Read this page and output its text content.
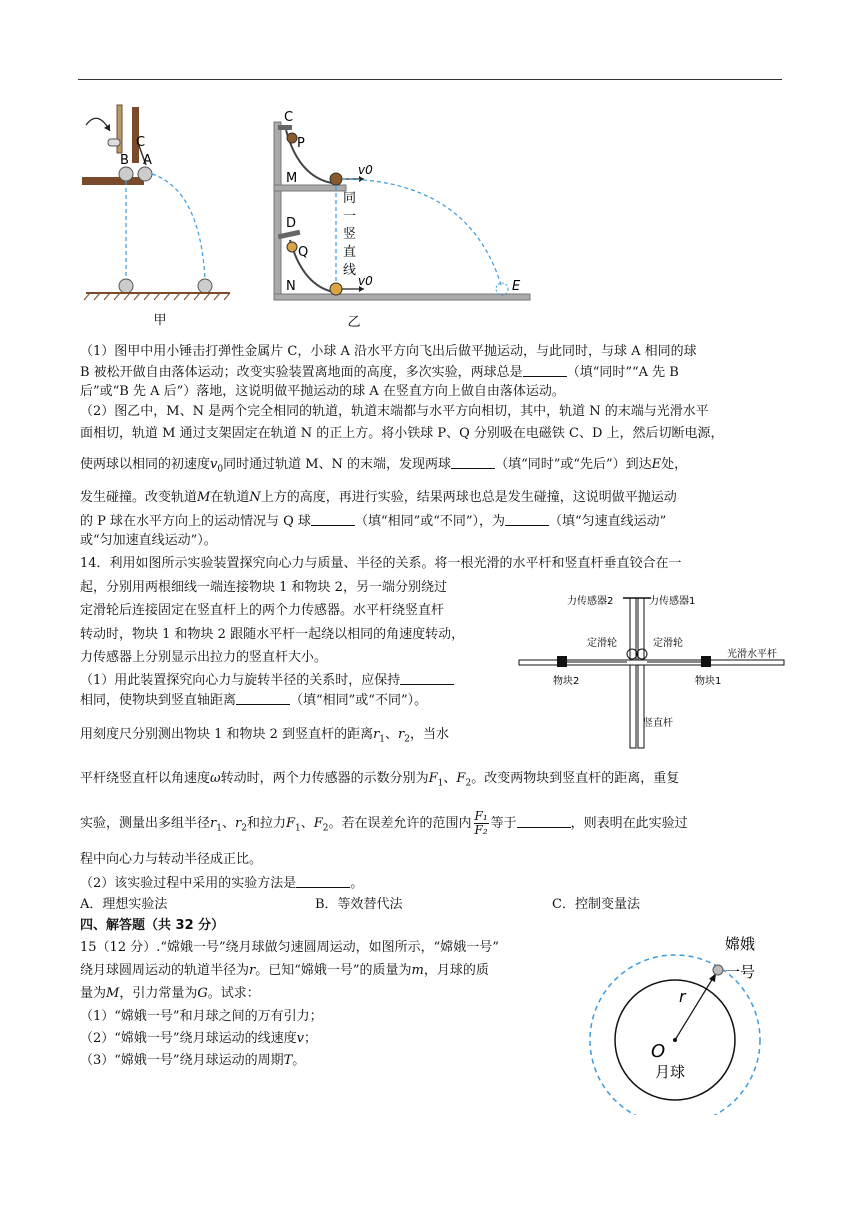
B
C
A
甲
C
P
M
D
Q
N	E
v0
v0
同
一
竖
直
线
乙
（1）图甲中用小锤击打弹性金属片 C，小球 A 沿水平方向飞出后做平抛运动，与此同时，与球 A 相同的球
B 被松开做自由落体运动；改变实验装置离地面的高度，多次实验，两球总是	（填“同时”“A 先 B
后”或“B 先 A 后”）落地，这说明做平抛运动的球 A 在竖直方向上做自由落体运动。
（2）图乙中，M、N 是两个完全相同的轨道，轨道末端都与水平方向相切，其中，轨道 N 的末端与光滑水平
面相切，轨道 M 通过支架固定在轨道 N 的正上方。将小铁球 P、Q 分别吸在电磁铁 C、D 上，然后切断电源，
使两球以相同的初速度$v_0$同时通过轨道 M、N 的末端，发现两球	（填“同时”或“先后”）到达E处，
发生碰撞。改变轨道M在轨道N上方的高度，再进行实验，结果两球也总是发生碰撞，这说明做平抛运动
的 P 球在水平方向上的运动情况与 Q 球	（填“相同”或“不同”），为	（填“匀速直线运动”
或“匀加速直线运动”）。
14．利用如图所示实验装置探究向心力与质量、半径的关系。将一根光滑的水平杆和竖直杆垂直铰合在一
起，分别用两根细线一端连接物块 1 和物块 2，另一端分别绕过
定滑轮后连接固定在竖直杆上的两个力传感器。水平杆绕竖直杆
转动时，物块 1 和物块 2 跟随水平杆一起绕以相同的角速度转动，
力传感器上分别显示出拉力的竖直杆大小。
（1）用此装置探究向心力与旋转半径的关系时，应保持
相同，使物块到竖直轴距离	（填“相同”或“不同”）。
用刻度尺分别测出物块 1 和物块 2 到竖直杆的距离$r_1$、$r_2$，当水
平杆绕竖直杆以角速度ω转动时，两个力传感器的示数分别为$F_1$、$F_2$。改变两物块到竖直杆的距离，重复
实验，测量出多组半径$r_1$、$r_2$和拉力$F_1$、$F_2$。若在误差允许的范围内 $\frac{\text{F₁}}{\text{F₂}}$ 等于	，则表明在此实验过
程中向心力与转动半径成正比。
（2）该实验过程中采用的实验方法是	。
A．理想实验法	B．等效替代法	C．控制变量法
力传感器2	力传感器1
定滑轮	定滑轮
光滑水平杆
物块2	物块1
竖直杆
四、解答题（共 32 分）
15（12 分）.“嫦娥一号”绕月球做匀速圆周运动，如图所示，“嫦娥一号”
绕月球圆周运动的轨道半径为r。已知“嫦娥一号”的质量为m，月球的质
量为M，引力常量为G。试求：
（1）“嫦娥一号”和月球之间的万有引力；
（2）“嫦娥一号”绕月球运动的线速度v；
（3）“嫦娥一号”绕月球运动的周期T。
r
O
月球
嫦娥
一号
